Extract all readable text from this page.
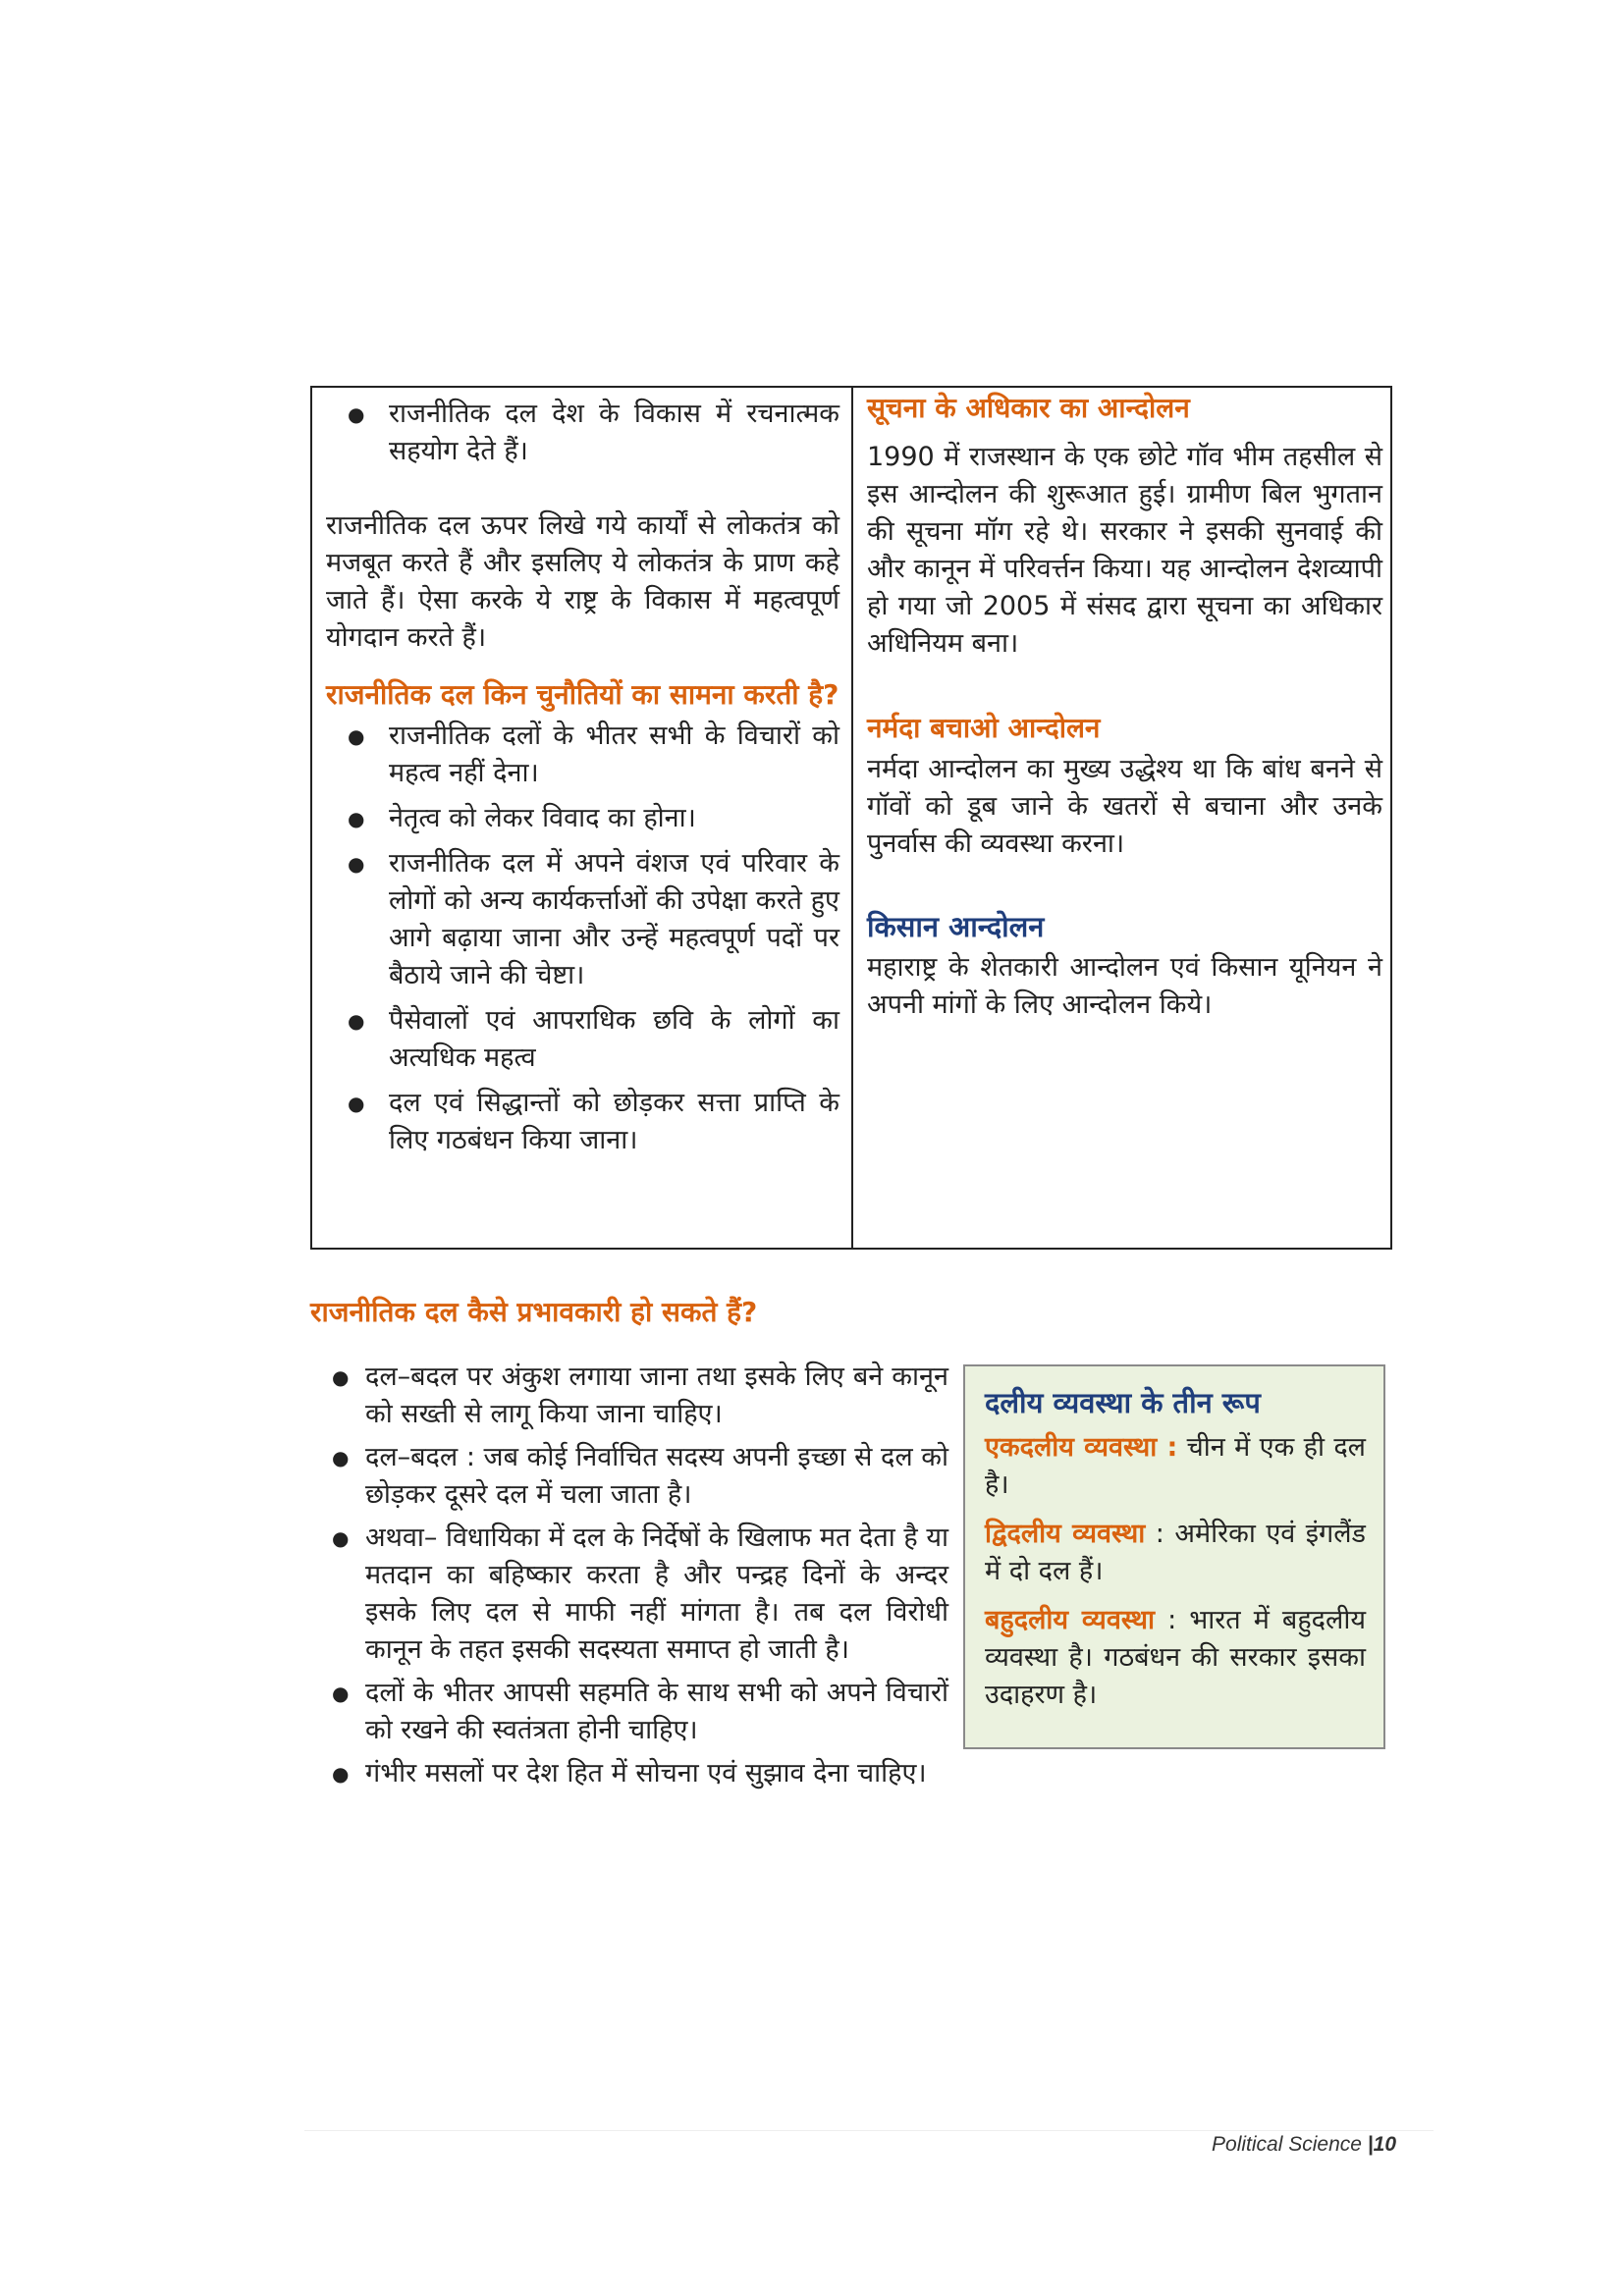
● राजनीतिक दल देश के विकास में रचनात्मक सहयोग देते हैं।

राजनीतिक दल ऊपर लिखे गये कार्यों से लोकतंत्र को मजबूत करते हैं और इसलिए ये लोकतंत्र के प्राण कहे जाते हैं। ऐसा करके ये राष्ट्र के विकास में महत्वपूर्ण योगदान करते हैं।

राजनीतिक दल किन चुनौतियों का सामना करती है?

● राजनीतिक दलों के भीतर सभी के विचारों को महत्व नहीं देना।
● नेतृत्व को लेकर विवाद का होना।
● राजनीतिक दल में अपने वंशज एवं परिवार के लोगों को अन्य कार्यकर्त्ताओं की उपेक्षा करते हुए आगे बढ़ाया जाना और उन्हें महत्वपूर्ण पदों पर बैठाये जाने की चेष्टा।
● पैसेवालों एवं आपराधिक छवि के लोगों का अत्यधिक महत्व
● दल एवं सिद्धान्तों को छोड़कर सत्ता प्राप्ति के लिए गठबंधन किया जाना।

सूचना के अधिकार का आन्दोलन

1990 में राजस्थान के एक छोटे गॉव भीम तहसील से इस आन्दोलन की शुरूआत हुई। ग्रामीण बिल भुगतान की सूचना मॉग रहे थे। सरकार ने इसकी सुनवाई की और कानून में परिवर्त्तन किया। यह आन्दोलन देशव्यापी हो गया जो 2005 में संसद द्वारा सूचना का अधिकार अधिनियम बना।

नर्मदा बचाओ आन्दोलन

नर्मदा आन्दोलन का मुख्य उद्धेश्य था कि बांध बनने से गॉवों को डूब जाने के खतरों से बचाना और उनके पुनर्वास की व्यवस्था करना।

किसान आन्दोलन

महाराष्ट्र के शेतकारी आन्दोलन एवं किसान यूनियन ने अपनी मांगों के लिए आन्दोलन किये।

राजनीतिक दल कैसे प्रभावकारी हो सकते हैं?

● दल–बदल पर अंकुश लगाया जाना तथा इसके लिए बने कानून को सख्ती से लागू किया जाना चाहिए।
● दल–बदल : जब कोई निर्वाचित सदस्य अपनी इच्छा से दल को छोड़कर दूसरे दल में चला जाता है।
● अथवा– विधायिका में दल के निर्देषों के खिलाफ मत देता है या मतदान का बहिष्कार करता है और पन्द्रह दिनों के अन्दर इसके लिए दल से माफी नहीं मांगता है। तब दल विरोधी कानून के तहत इसकी सदस्यता समाप्त हो जाती है।
● दलों के भीतर आपसी सहमति के साथ सभी को अपने विचारों को रखने की स्वतंत्रता होनी चाहिए।
● गंभीर मसलों पर देश हित में सोचना एवं सुझाव देना चाहिए।

दलीय व्यवस्था के तीन रूप

एकदलीय व्यवस्था : चीन में एक ही दल है।

द्विदलीय व्यवस्था : अमेरिका एवं इंगलैंड में दो दल हैं।

बहुदलीय व्यवस्था : भारत में बहुदलीय व्यवस्था है। गठबंधन की सरकार इसका उदाहरण है।

Political Science |10
